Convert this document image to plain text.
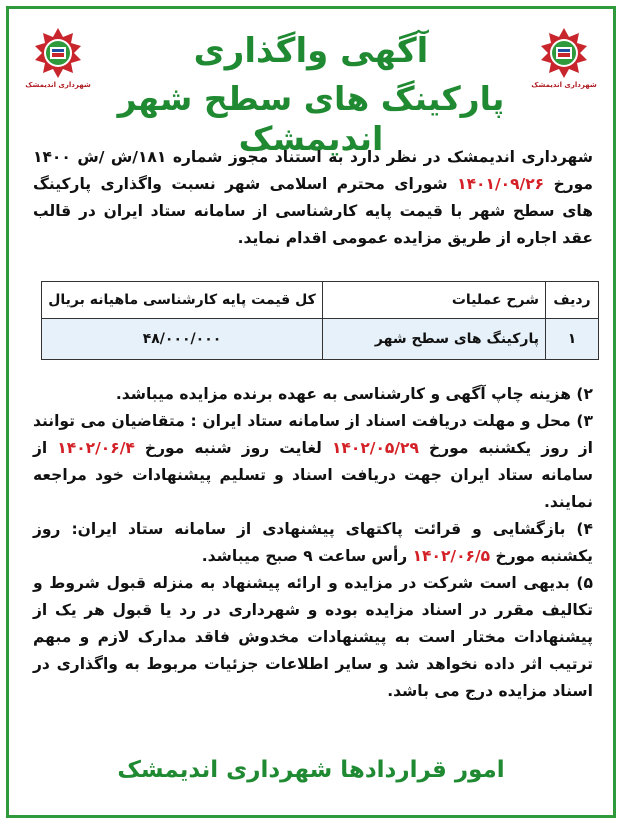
شهرداری اندیمشک
شهرداری اندیمشک
آگهی واگذاری
پارکینگ های سطح شهر اندیمشک
شهرداری اندیمشک در نظر دارد به استناد مجوز شماره ۱۸۱/ش /ش ۱۴۰۰ مورخ ۱۴۰۱/۰۹/۲۶ شورای محترم اسلامی شهر نسبت واگذاری پارکینگ های سطح شهر با قیمت پایه کارشناسی از سامانه ستاد ایران در قالب عقد اجاره از طریق مزایده عمومی اقدام نماید.
ردیف	شرح عملیات	کل قیمت پایه کارشناسی ماهیانه بریال
۱	پارکینگ های سطح شهر	۴۸/۰۰۰/۰۰۰
۲) هزینه چاپ آگهی و کارشناسی به عهده برنده مزایده میباشد.
۳) محل و مهلت دریافت اسناد از سامانه ستاد ایران : متقاضیان می توانند از روز یکشنبه مورخ ۱۴۰۲/۰۵/۲۹ لغایت روز شنبه مورخ ۱۴۰۲/۰۶/۴ از سامانه ستاد ایران جهت دریافت اسناد و تسلیم پیشنهادات خود مراجعه نمایند.
۴) بازگشایی و قرائت پاکتهای پیشنهادی از سامانه ستاد ایران: روز یکشنبه مورخ ۱۴۰۲/۰۶/۵ رأس ساعت ۹ صبح میباشد.
۵) بدیهی است شرکت در مزایده و ارائه پیشنهاد به منزله قبول شروط و تکالیف مقرر در اسناد مزایده بوده و شهرداری در رد یا قبول هر یک از پیشنهادات مختار است به پیشنهادات مخدوش فاقد مدارک لازم و مبهم ترتیب اثر داده نخواهد شد و سایر اطلاعات جزئیات مربوط به واگذاری در اسناد مزایده درج می باشد.
امور قراردادها شهرداری اندیمشک
